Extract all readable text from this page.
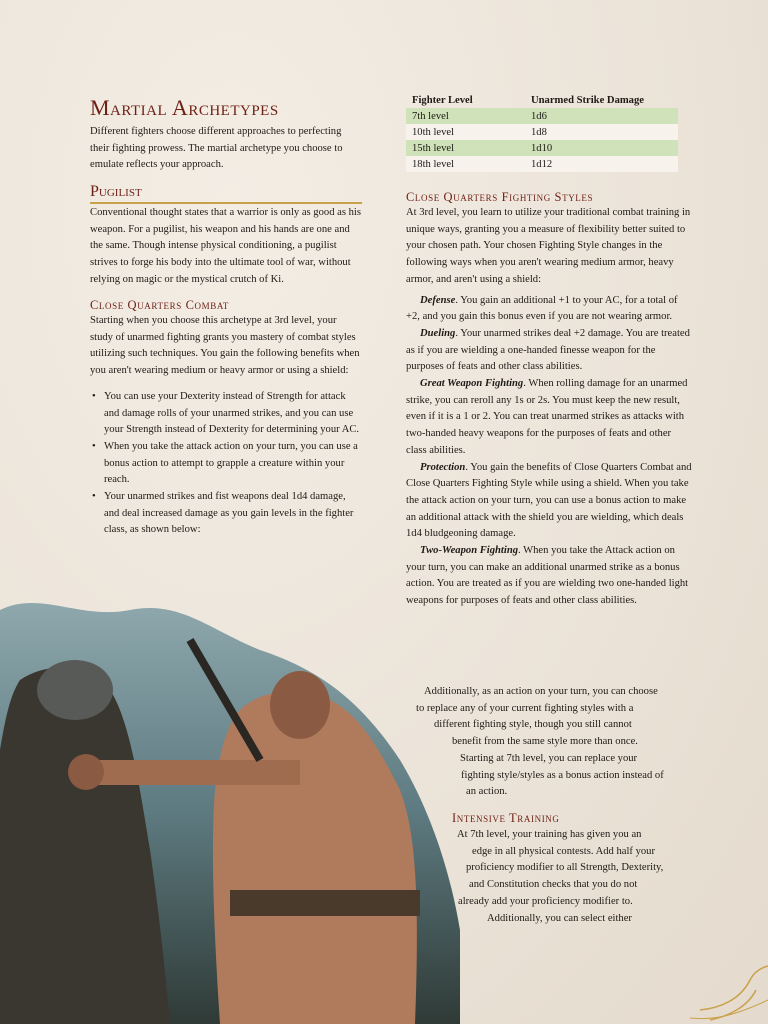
Martial Archetypes

Different fighters choose different approaches to perfecting their fighting prowess. The martial archetype you choose to emulate reflects your approach.

Pugilist

Conventional thought states that a warrior is only as good as his weapon. For a pugilist, his weapon and his hands are one and the same. Though intense physical conditioning, a pugilist strives to forge his body into the ultimate tool of war, without relying on magic or the mystical crutch of Ki.

Close Quarters Combat

Starting when you choose this archetype at 3rd level, your study of unarmed fighting grants you mastery of combat styles utilizing such techniques. You gain the following benefits when you aren't wearing medium or heavy armor or using a shield:

• You can use your Dexterity instead of Strength for attack and damage rolls of your unarmed strikes, and you can use your Strength instead of Dexterity for determining your AC.
• When you take the attack action on your turn, you can use a bonus action to attempt to grapple a creature within your reach.
• Your unarmed strikes and fist weapons deal 1d4 damage, and deal increased damage as you gain levels in the fighter class, as shown below:
Fighter Level	Unarmed Strike Damage
7th level	1d6
10th level	1d8
15th level	1d10
18th level	1d12
Close Quarters Fighting Styles

At 3rd level, you learn to utilize your traditional combat training in unique ways, granting you a measure of flexibility better suited to your chosen path. Your chosen Fighting Style changes in the following ways when you aren't wearing medium armor, heavy armor, and aren't using a shield:

Defense. You gain an additional +1 to your AC, for a total of +2, and you gain this bonus even if you are not wearing armor.

Dueling. Your unarmed strikes deal +2 damage. You are treated as if you are wielding a one-handed finesse weapon for the purposes of feats and other class abilities.

Great Weapon Fighting. When rolling damage for an unarmed strike, you can reroll any 1s or 2s. You must keep the new result, even if it is a 1 or 2. You can treat unarmed strikes as attacks with two-handed heavy weapons for the purposes of feats and other class abilities.

Protection. You gain the benefits of Close Quarters Combat and Close Quarters Fighting Style while using a shield. When you take the attack action on your turn, you can use a bonus action to make an additional attack with the shield you are wielding, which deals 1d4 bludgeoning damage.

Two-Weapon Fighting. When you take the Attack action on your turn, you can make an additional unarmed strike as a bonus action. You are treated as if you are wielding two one-handed light weapons for purposes of feats and other class abilities.

Additionally, as an action on your turn, you can choose

to replace any of your current fighting styles with a

different fighting style, though you still cannot

benefit from the same style more than once.

Starting at 7th level, you can replace your

fighting style/styles as a bonus action instead of

an action.

Intensive Training

At 7th level, your training has given you an

edge in all physical contests. Add half your

proficiency modifier to all Strength, Dexterity,

and Constitution checks that you do not

already add your proficiency modifier to.

Additionally, you can select either
